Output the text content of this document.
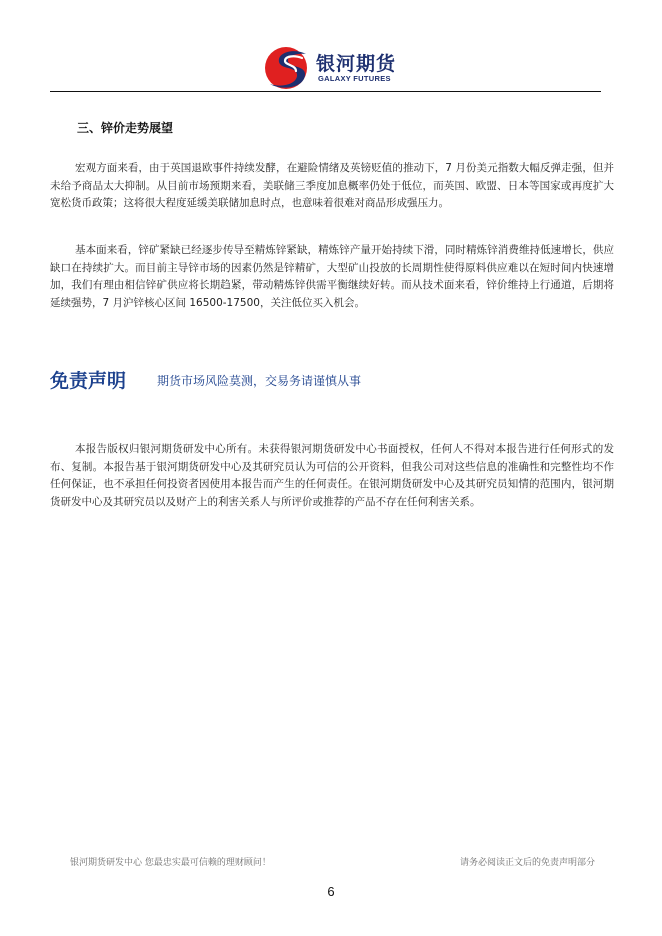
银河期货
GALAXY FUTURES
三、锌价走势展望

宏观方面来看，由于英国退欧事件持续发酵，在避险情绪及英镑贬值的推动下，7 月份美元指数大幅反弹走强，但并未给予商品太大抑制。从目前市场预期来看，美联储三季度加息概率仍处于低位，而英国、欧盟、日本等国家或再度扩大宽松货币政策；这将很大程度延缓美联储加息时点，也意味着很难对商品形成强压力。

基本面来看，锌矿紧缺已经逐步传导至精炼锌紧缺，精炼锌产量开始持续下滑，同时精炼锌消费维持低速增长，供应缺口在持续扩大。而目前主导锌市场的因素仍然是锌精矿，大型矿山投放的长周期性使得原料供应难以在短时间内快速增加，我们有理由相信锌矿供应将长期趋紧，带动精炼锌供需平衡继续好转。而从技术面来看，锌价维持上行通道，后期将延续强势，7 月沪锌核心区间 16500-17500，关注低位买入机会。

免责声明	期货市场风险莫测，交易务请谨慎从事

本报告版权归银河期货研发中心所有。未获得银河期货研发中心书面授权，任何人不得对本报告进行任何形式的发布、复制。本报告基于银河期货研发中心及其研究员认为可信的公开资料，但我公司对这些信息的准确性和完整性均不作任何保证，也不承担任何投资者因使用本报告而产生的任何责任。在银河期货研发中心及其研究员知情的范围内，银河期货研发中心及其研究员以及财产上的利害关系人与所评价或推荐的产品不存在任何利害关系。

银河期货研发中心 您最忠实最可信赖的理财顾问！	请务必阅读正文后的免责声明部分
6
